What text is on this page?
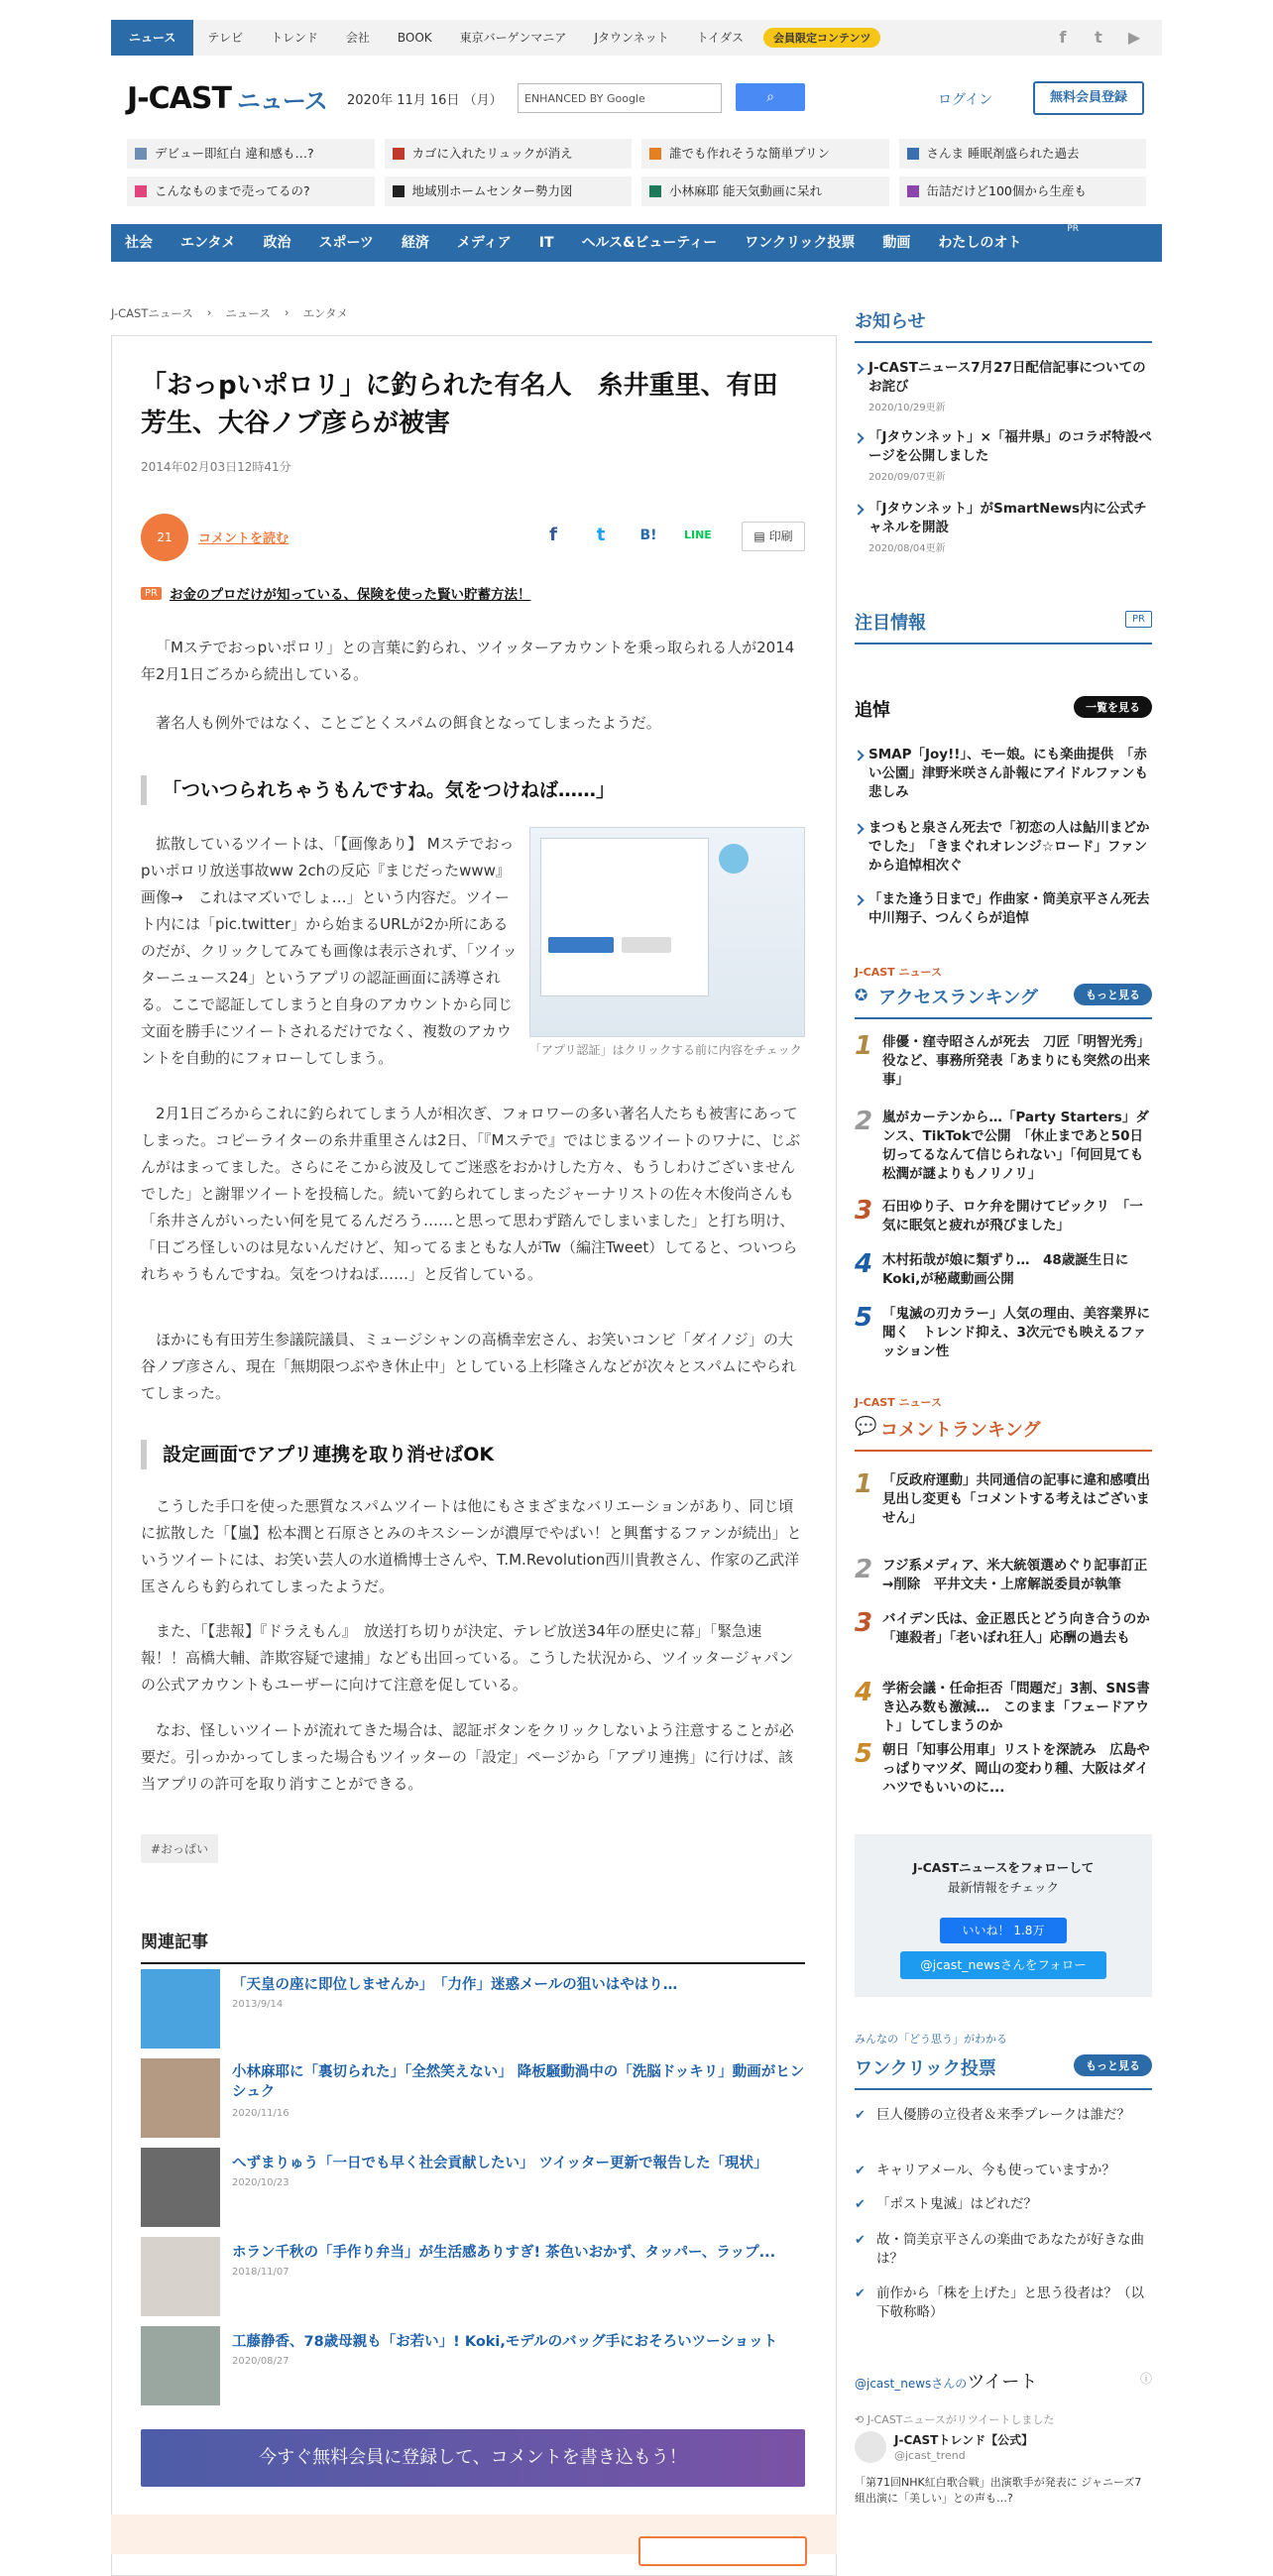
ニュース	テレビ	トレンド	会社	BOOK	東京バーゲンマニア	Jタウンネット	トイダス	会員限定コンテンツ	f	t	▶
J-CAST ニュース 2020年 11月 16日 （月）	ENHANCED BY Google	⌕	ログイン	無料会員登録
デビュー即紅白 違和感も…?	カゴに入れたリュックが消え	誰でも作れそうな簡単プリン	さんま 睡眠剤盛られた過去
こんなものまで売ってるの?	地域別ホームセンター勢力図	小林麻耶 能天気動画に呆れ	缶詰だけど100個から生産も
社会	エンタメ	政治	スポーツ	経済	メディア	IT	ヘルス&ビューティー	ワンクリック投票	動画	わたしのオト
PR
J-CASTニュース › ニュース › エンタメ
「おっpいポロリ」に釣られた有名人　糸井重里、有田芳生、大谷ノブ彦らが被害
2014年02月03日12時41分
21	コメントを読む	f	t	B!	LINE	▤ 印刷
PR お金のプロだけが知っている、保険を使った賢い貯蓄方法！

「Mステでおっpいポロリ」との言葉に釣られ、ツイッターアカウントを乗っ取られる人が2014年2月1日ごろから続出している。

著名人も例外ではなく、ことごとくスパムの餌食となってしまったようだ。

「ついつられちゃうもんですね。気をつけねば……」

拡散しているツイートは、「【画像あり】 Mステでおっpいポロリ放送事故ww 2chの反応『まじだったwww』画像→　これはマズいでしょ…」という内容だ。ツイート内には「pic.twitter」から始まるURLが2か所にあるのだが、クリックしてみても画像は表示されず、「ツイッターニュース24」というアプリの認証画面に誘導される。ここで認証してしまうと自身のアカウントから同じ文面を勝手にツイートされるだけでなく、複数のアカウントを自動的にフォローしてしまう。	「アプリ認証」はクリックする前に内容をチェック

2月1日ごろからこれに釣られてしまう人が相次ぎ、フォロワーの多い著名人たちも被害にあってしまった。コピーライターの糸井重里さんは2日、「『Mステで』ではじまるツイートのワナに、じぶんがはまってました。さらにそこから波及してご迷惑をおかけした方々、もうしわけございませんでした」と謝罪ツイートを投稿した。続いて釣られてしまったジャーナリストの佐々木俊尚さんも「糸井さんがいったい何を見てるんだろう……と思って思わず踏んでしまいました」と打ち明け、「日ごろ怪しいのは見ないんだけど、知ってるまともな人がTw（編注Tweet）してると、ついつられちゃうもんですね。気をつけねば……」と反省している。

ほかにも有田芳生参議院議員、ミュージシャンの高橋幸宏さん、お笑いコンビ「ダイノジ」の大谷ノブ彦さん、現在「無期限つぶやき休止中」としている上杉隆さんなどが次々とスパムにやられてしまった。

設定画面でアプリ連携を取り消せばOK

こうした手口を使った悪質なスパムツイートは他にもさまざまなバリエーションがあり、同じ頃に拡散した「【嵐】松本潤と石原さとみのキスシーンが濃厚でやばい！と興奮するファンが続出」というツイートには、お笑い芸人の水道橋博士さんや、T.M.Revolution西川貴教さん、作家の乙武洋匡さんらも釣られてしまったようだ。

また、「【悲報】『ドラえもん』　放送打ち切りが決定、テレビ放送34年の歴史に幕」「緊急速報！！高橋大輔、詐欺容疑で逮捕」なども出回っている。こうした状況から、ツイッタージャパンの公式アカウントもユーザーに向けて注意を促している。

なお、怪しいツイートが流れてきた場合は、認証ボタンをクリックしないよう注意することが必要だ。引っかかってしまった場合もツイッターの「設定」ページから「アプリ連携」に行けば、該当アプリの許可を取り消すことができる。

#おっぱい
関連記事
「天皇の座に即位しませんか」　「力作」迷惑メールの狙いはやはり…
2013/9/14
小林麻耶に「裏切られた」「全然笑えない」 降板騒動渦中の「洗脳ドッキリ」動画がヒンシュク
2020/11/16
へずまりゅう「一日でも早く社会貢献したい」 ツイッター更新で報告した「現状」
2020/10/23
ホラン千秋の「手作り弁当」が生活感ありすぎ! 茶色いおかず、タッパー、ラップ...
2018/11/07
工藤静香、78歳母親も「お若い」! Koki,モデルのバッグ手におそろいツーショット
2020/08/27
今すぐ無料会員に登録して、コメントを書き込もう！
お知らせ
J-CASTニュース7月27日配信記事についてのお詫び
2020/10/29更新
「Jタウンネット」×「福井県」のコラボ特設ページを公開しました
2020/09/07更新
「Jタウンネット」がSmartNews内に公式チャネルを開設
2020/08/04更新
注目情報	PR
追悼	一覧を見る
SMAP「Joy!!」、モー娘。にも楽曲提供　「赤い公園」津野米咲さん訃報にアイドルファンも悲しみ
まつもと泉さん死去で「初恋の人は鮎川まどかでした」　「きまぐれオレンジ☆ロード」ファンから追悼相次ぐ
「また逢う日まで」作曲家・筒美京平さん死去　中川翔子、つんくらが追悼
J-CAST ニュース
アクセスランキング
✪	もっと見る
1 俳優・窪寺昭さんが死去　刀匠「明智光秀」役など、事務所発表「あまりにも突然の出来事」
2 嵐がカーテンから…「Party Starters」ダンス、TikTokで公開　「休止まであと50日切ってるなんて信じられない」「何回見ても松潤が謎よりもノリノリ」
3 石田ゆり子、ロケ弁を開けてビックリ　「一気に眠気と疲れが飛びました」
4 木村拓哉が娘に類ずり…　48歳誕生日にKoki,が秘蔵動画公開
5 「鬼滅の刃カラー」人気の理由、美容業界に聞く　トレンド抑え、3次元でも映えるファッション性
J-CAST ニュース
コメントランキング
💬
1 「反政府運動」共同通信の記事に違和感噴出　見出し変更も「コメントする考えはございません」
2 フジ系メディア、米大統領選めぐり記事訂正→削除　平井文夫・上席解説委員が執筆
3 バイデン氏は、金正恩氏とどう向き合うのか　「連殺者」「老いぼれ狂人」応酬の過去も
4 学術会議・任命拒否「問題だ」3割、SNS書き込み数も激減…　このまま「フェードアウト」してしまうのか
5 朝日「知事公用車」リストを深読み　広島やっぱりマツダ、岡山の変わり種、大阪はダイハツでもいいのに...
J-CASTニュースをフォローして
最新情報をチェック
いいね！ 1.8万
@jcast_newsさんをフォロー
みんなの「どう思う」がわかる
ワンクリック投票	もっと見る
✔ 巨人優勝の立役者＆来季プレークは誰だ？
✔ キャリアメール、今も使っていますか？
✔ 「ポスト鬼滅」はどれだ？
✔ 故・筒美京平さんの楽曲であなたが好きな曲は？
✔ 前作から「株を上げた」と思う役者は？（以下敬称略）
@jcast_newsさんのツイート	ⓘ
⟲ J-CASTニュースがリツイートしました
J-CASTトレンド【公式】
@jcast_trend
「第71回NHK紅白歌合戦」出演歌手が発表に ジャニーズ7組出演に「美しい」との声も…?
